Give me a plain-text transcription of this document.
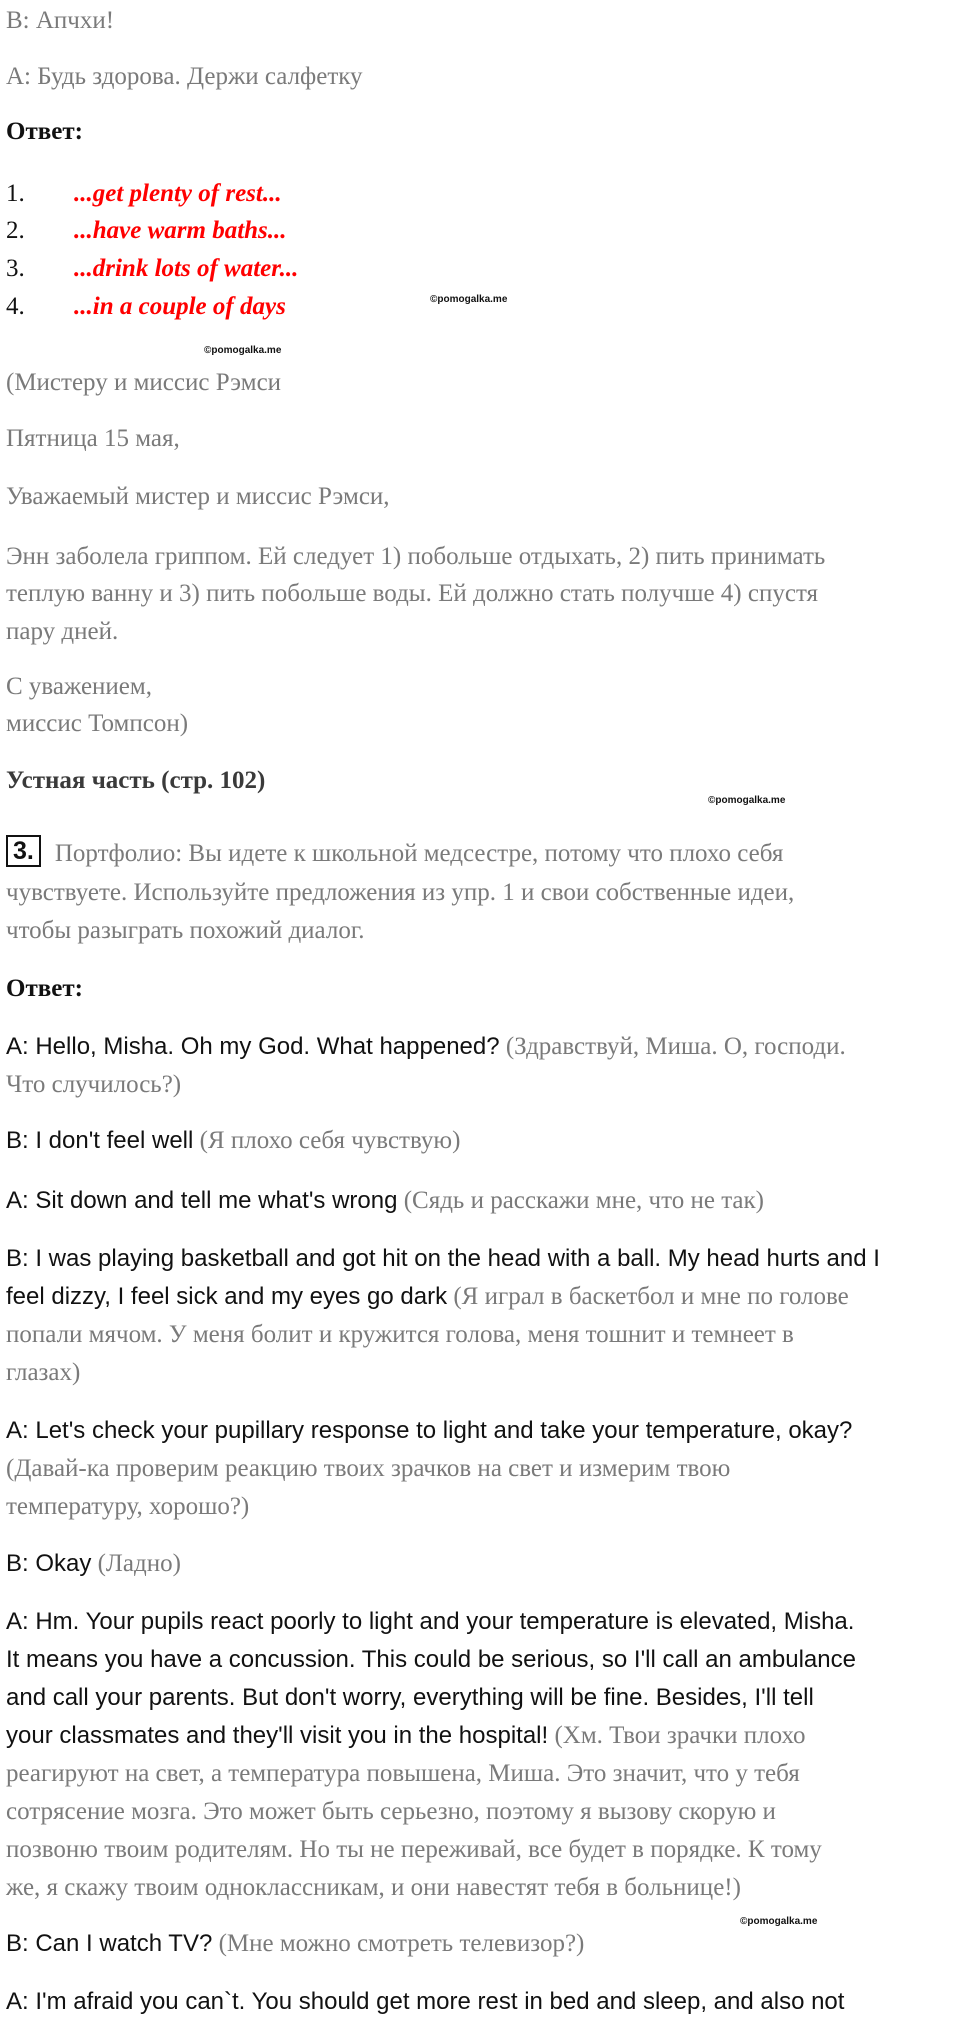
B: Апчхи!
A: Будь здорова. Держи салфетку
Ответ:
1. ...get plenty of rest...
2. ...have warm baths...
3. ...drink lots of water...
4. ...in a couple of days	©pomogalka.me
©pomogalka.me
(Мистеру и миссис Рэмси
Пятница 15 мая,
Уважаемый мистер и миссис Рэмси,
Энн заболела гриппом. Ей следует 1) побольше отдыхать, 2) пить принимать
теплую ванну и 3) пить побольше воды. Ей должно стать получше 4) спустя
пару дней.
С уважением,
миссис Томпсон)
Устная часть (стр. 102)
©pomogalka.me
3. Портфолио: Вы идете к школьной медсестре, потому что плохо себя
чувствуете. Используйте предложения из упр. 1 и свои собственные идеи,
чтобы разыграть похожий диалог.
Ответ:
A: Hello, Misha. Oh my God. What happened? (Здравствуй, Миша. О, господи.
Что случилось?)
B: I don't feel well (Я плохо себя чувствую)
A: Sit down and tell me what's wrong (Сядь и расскажи мне, что не так)
B: I was playing basketball and got hit on the head with a ball. My head hurts and I
feel dizzy, I feel sick and my eyes go dark (Я играл в баскетбол и мне по голове
попали мячом. У меня болит и кружится голова, меня тошнит и темнеет в
глазах)
A: Let's check your pupillary response to light and take your temperature, okay?
(Давай-ка проверим реакцию твоих зрачков на свет и измерим твою
температуру, хорошо?)
B: Okay (Ладно)
A: Hm. Your pupils react poorly to light and your temperature is elevated, Misha.
It means you have a concussion. This could be serious, so I'll call an ambulance
and call your parents. But don't worry, everything will be fine. Besides, I'll tell
your classmates and they'll visit you in the hospital! (Хм. Твои зрачки плохо
реагируют на свет, а температура повышена, Миша. Это значит, что у тебя
сотрясение мозга. Это может быть серьезно, поэтому я вызову скорую и
позвоню твоим родителям. Но ты не переживай, все будет в порядке. К тому
же, я скажу твоим одноклассникам, и они навестят тебя в больнице!)
©pomogalka.me
B: Can I watch TV? (Мне можно смотреть телевизор?)
A: I'm afraid you can`t. You should get more rest in bed and sleep, and also not
